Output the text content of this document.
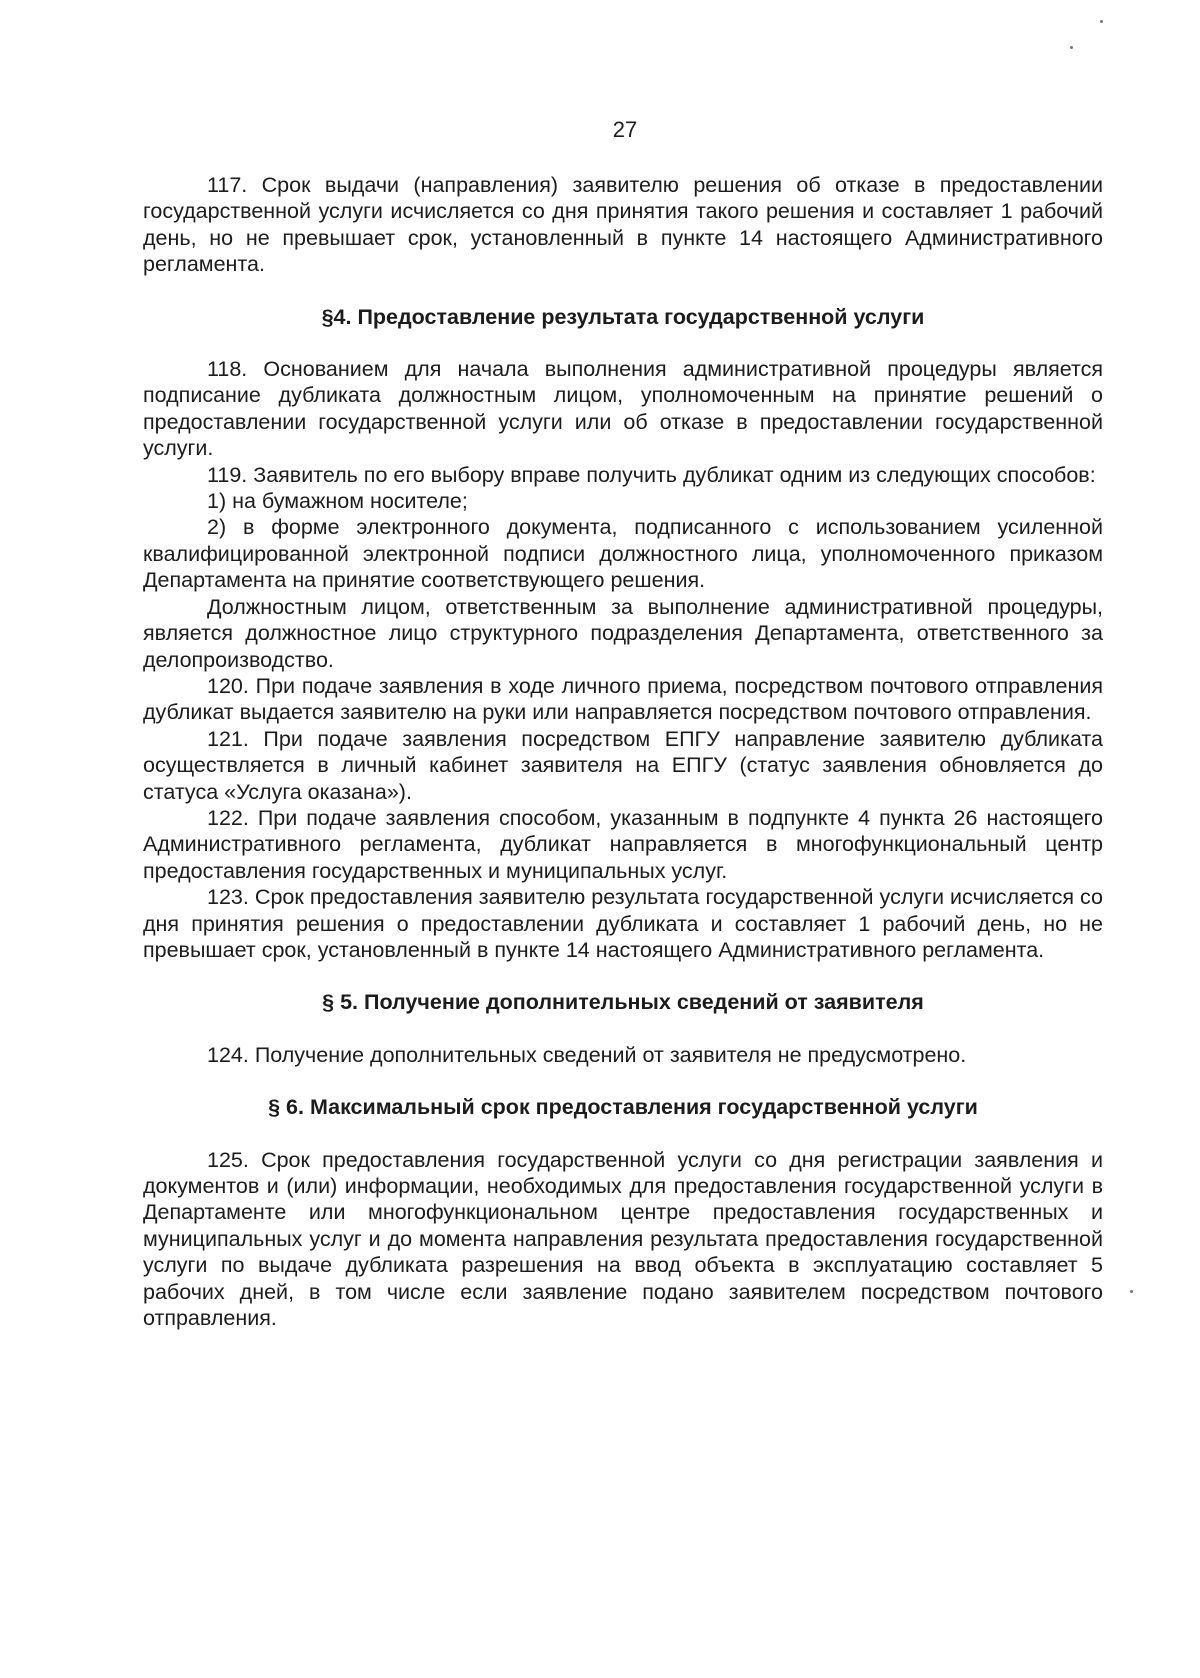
27

117. Срок выдачи (направления) заявителю решения об отказе в предоставлении государственной услуги исчисляется со дня принятия такого решения и составляет 1 рабочий день, но не превышает срок, установленный в пункте 14 настоящего Административного регламента.

§4. Предоставление результата государственной услуги

118. Основанием для начала выполнения административной процедуры является подписание дубликата должностным лицом, уполномоченным на принятие решений о предоставлении государственной услуги или об отказе в предоставлении государственной услуги.

119. Заявитель по его выбору вправе получить дубликат одним из следующих способов:

1) на бумажном носителе;

2) в форме электронного документа, подписанного с использованием усиленной квалифицированной электронной подписи должностного лица, уполномоченного приказом Департамента на принятие соответствующего решения.

Должностным лицом, ответственным за выполнение административной процедуры, является должностное лицо структурного подразделения Департамента, ответственного за делопроизводство.

120. При подаче заявления в ходе личного приема, посредством почтового отправления дубликат выдается заявителю на руки или направляется посредством почтового отправления.

121. При подаче заявления посредством ЕПГУ направление заявителю дубликата осуществляется в личный кабинет заявителя на ЕПГУ (статус заявления обновляется до статуса «Услуга оказана»).

122. При подаче заявления способом, указанным в подпункте 4 пункта 26 настоящего Административного регламента, дубликат направляется в многофункциональный центр предоставления государственных и муниципальных услуг.

123. Срок предоставления заявителю результата государственной услуги исчисляется со дня принятия решения о предоставлении дубликата и составляет 1 рабочий день, но не превышает срок, установленный в пункте 14 настоящего Административного регламента.

§ 5. Получение дополнительных сведений от заявителя

124. Получение дополнительных сведений от заявителя не предусмотрено.

§ 6. Максимальный срок предоставления государственной услуги

125. Срок предоставления государственной услуги со дня регистрации заявления и документов и (или) информации, необходимых для предоставления государственной услуги в Департаменте или многофункциональном центре предоставления государственных и муниципальных услуг и до момента направления результата предоставления государственной услуги по выдаче дубликата разрешения на ввод объекта в эксплуатацию составляет 5 рабочих дней, в том числе если заявление подано заявителем посредством почтового отправления.
